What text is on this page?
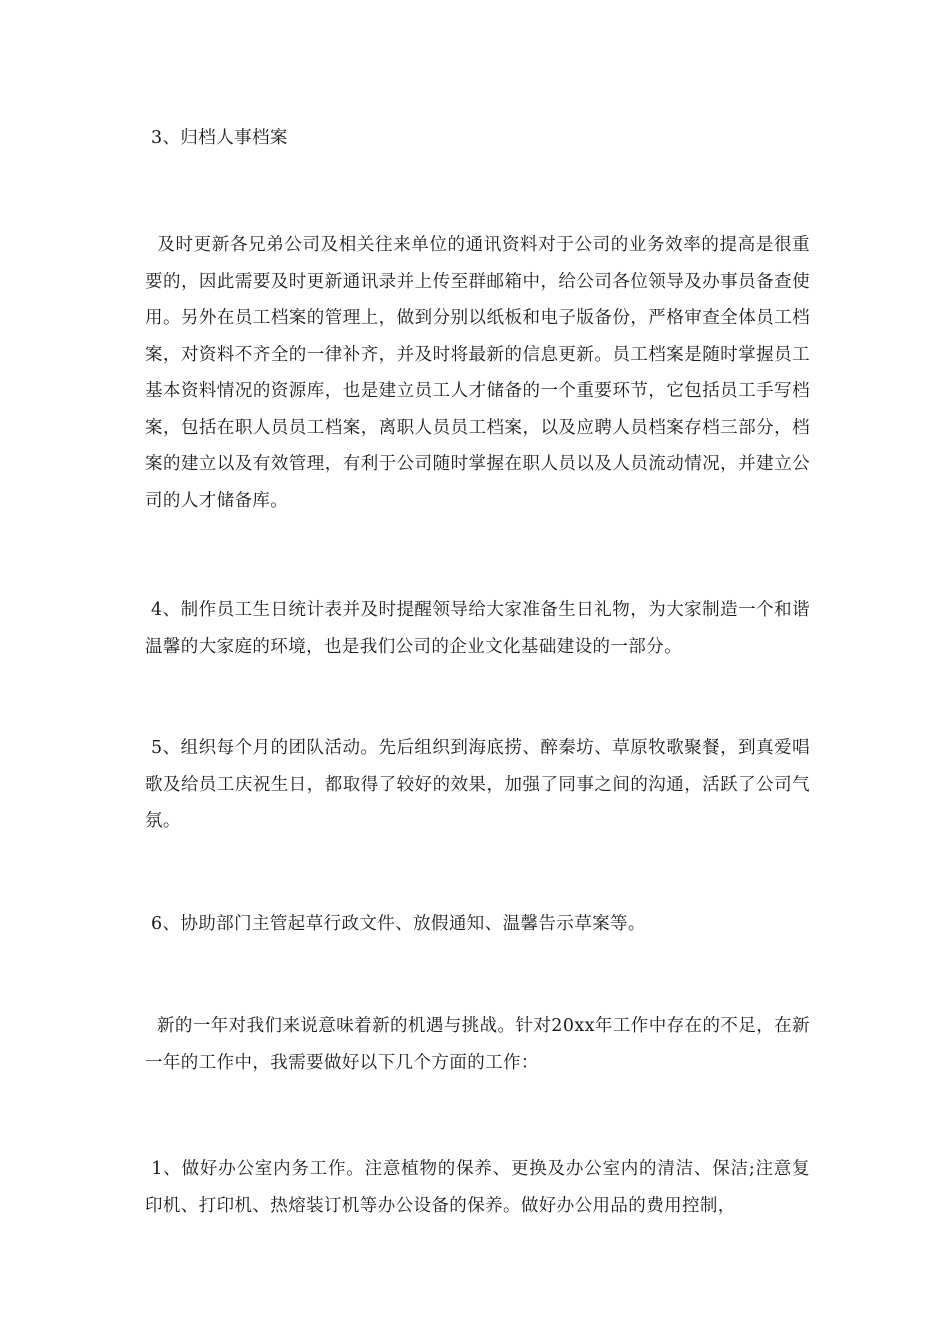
3、归档人事档案

及时更新各兄弟公司及相关往来单位的通讯资料对于公司的业务效率的提高是很重要的，因此需要及时更新通讯录并上传至群邮箱中，给公司各位领导及办事员备查使用。另外在员工档案的管理上，做到分别以纸板和电子版备份，严格审查全体员工档案，对资料不齐全的一律补齐，并及时将最新的信息更新。员工档案是随时掌握员工基本资料情况的资源库，也是建立员工人才储备的一个重要环节，它包括员工手写档案，包括在职人员员工档案，离职人员员工档案，以及应聘人员档案存档三部分，档案的建立以及有效管理，有利于公司随时掌握在职人员以及人员流动情况，并建立公司的人才储备库。

4、制作员工生日统计表并及时提醒领导给大家准备生日礼物，为大家制造一个和谐温馨的大家庭的环境，也是我们公司的企业文化基础建设的一部分。

5、组织每个月的团队活动。先后组织到海底捞、醉秦坊、草原牧歌聚餐，到真爱唱歌及给员工庆祝生日，都取得了较好的效果，加强了同事之间的沟通，活跃了公司气氛。

6、协助部门主管起草行政文件、放假通知、温馨告示草案等。

新的一年对我们来说意味着新的机遇与挑战。针对20xx年工作中存在的不足，在新一年的工作中，我需要做好以下几个方面的工作：

1、做好办公室内务工作。注意植物的保养、更换及办公室内的清洁、保洁;注意复印机、打印机、热熔装订机等办公设备的保养。做好办公用品的费用控制，
